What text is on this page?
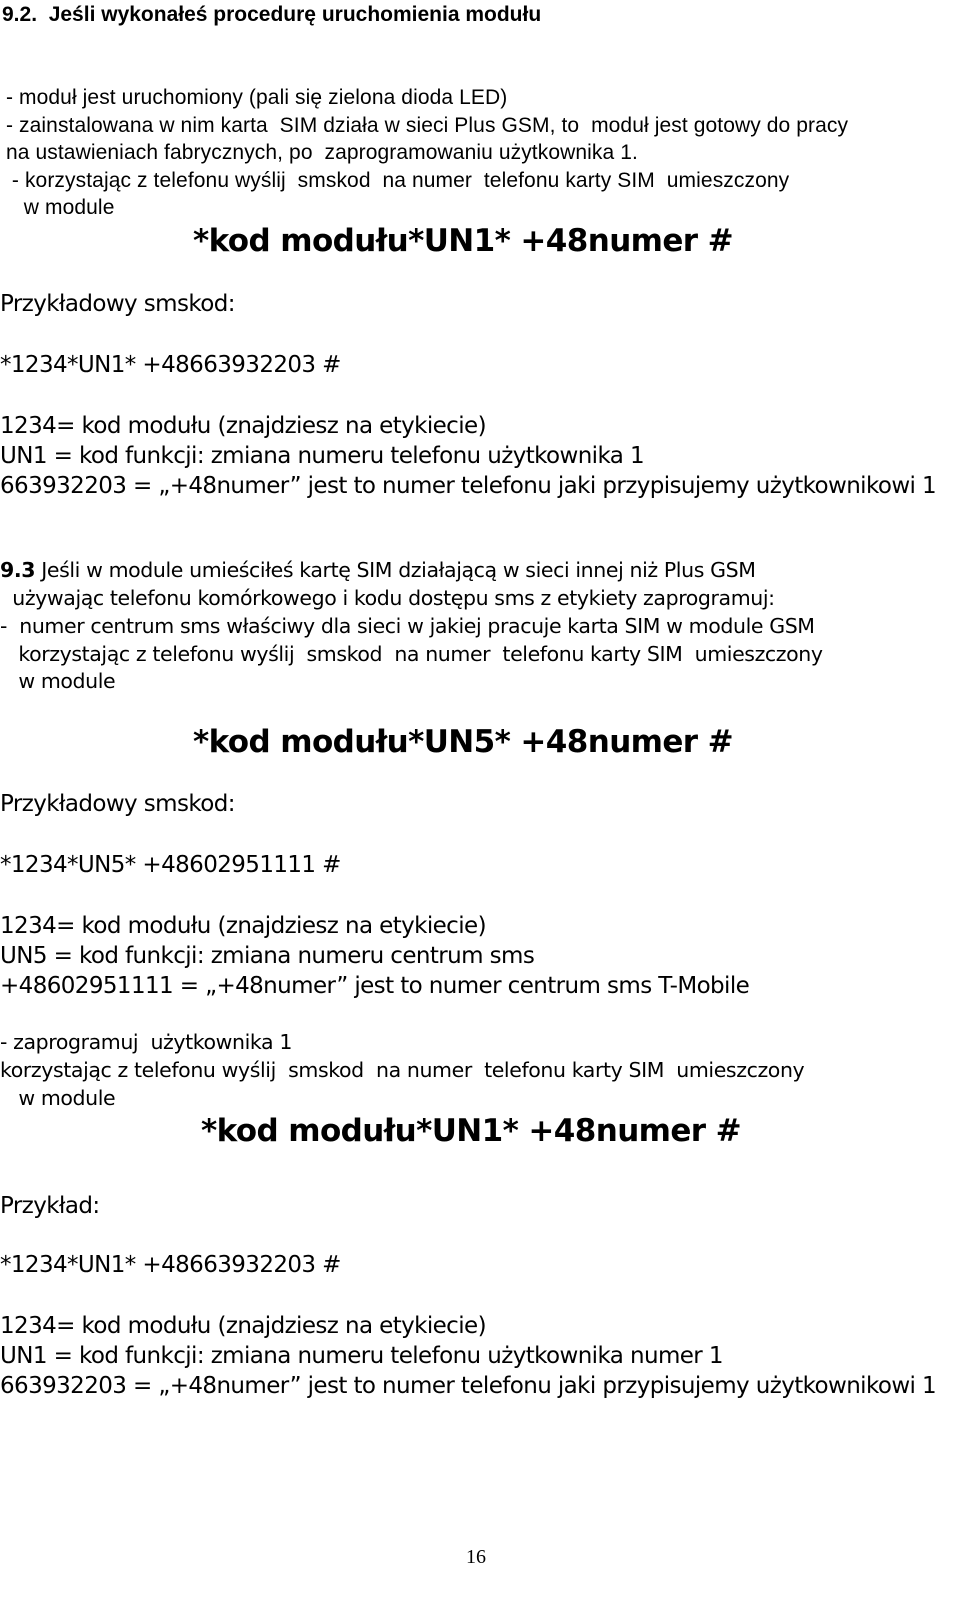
9.2.  Jeśli wykonałeś procedurę uruchomienia modułu
- moduł jest uruchomiony (pali się zielona dioda LED)
- zainstalowana w nim karta  SIM działa w sieci Plus GSM, to  moduł jest gotowy do pracy
na ustawieniach fabrycznych, po  zaprogramowaniu użytkownika 1.
- korzystając z telefonu wyślij  smskod  na numer  telefonu karty SIM  umieszczony
w module
*kod modułu*UN1* +48numer #
Przykładowy smskod:
*1234*UN1* +48663932203 #
1234= kod modułu (znajdziesz na etykiecie)
UN1 = kod funkcji: zmiana numeru telefonu użytkownika 1
663932203 = „+48numer” jest to numer telefonu jaki przypisujemy użytkownikowi 1
9.3 Jeśli w module umieściłeś kartę SIM działającą w sieci innej niż Plus GSM
używając telefonu komórkowego i kodu dostępu sms z etykiety zaprogramuj:
-  numer centrum sms właściwy dla sieci w jakiej pracuje karta SIM w module GSM
korzystając z telefonu wyślij  smskod  na numer  telefonu karty SIM  umieszczony
w module
*kod modułu*UN5* +48numer #
Przykładowy smskod:
*1234*UN5* +48602951111 #
1234= kod modułu (znajdziesz na etykiecie)
UN5 = kod funkcji: zmiana numeru centrum sms
+48602951111 = „+48numer” jest to numer centrum sms T-Mobile
- zaprogramuj  użytkownika 1
korzystając z telefonu wyślij  smskod  na numer  telefonu karty SIM  umieszczony
w module
*kod modułu*UN1* +48numer #
Przykład:
*1234*UN1* +48663932203 #
1234= kod modułu (znajdziesz na etykiecie)
UN1 = kod funkcji: zmiana numeru telefonu użytkownika numer 1
663932203 = „+48numer” jest to numer telefonu jaki przypisujemy użytkownikowi 1
16
